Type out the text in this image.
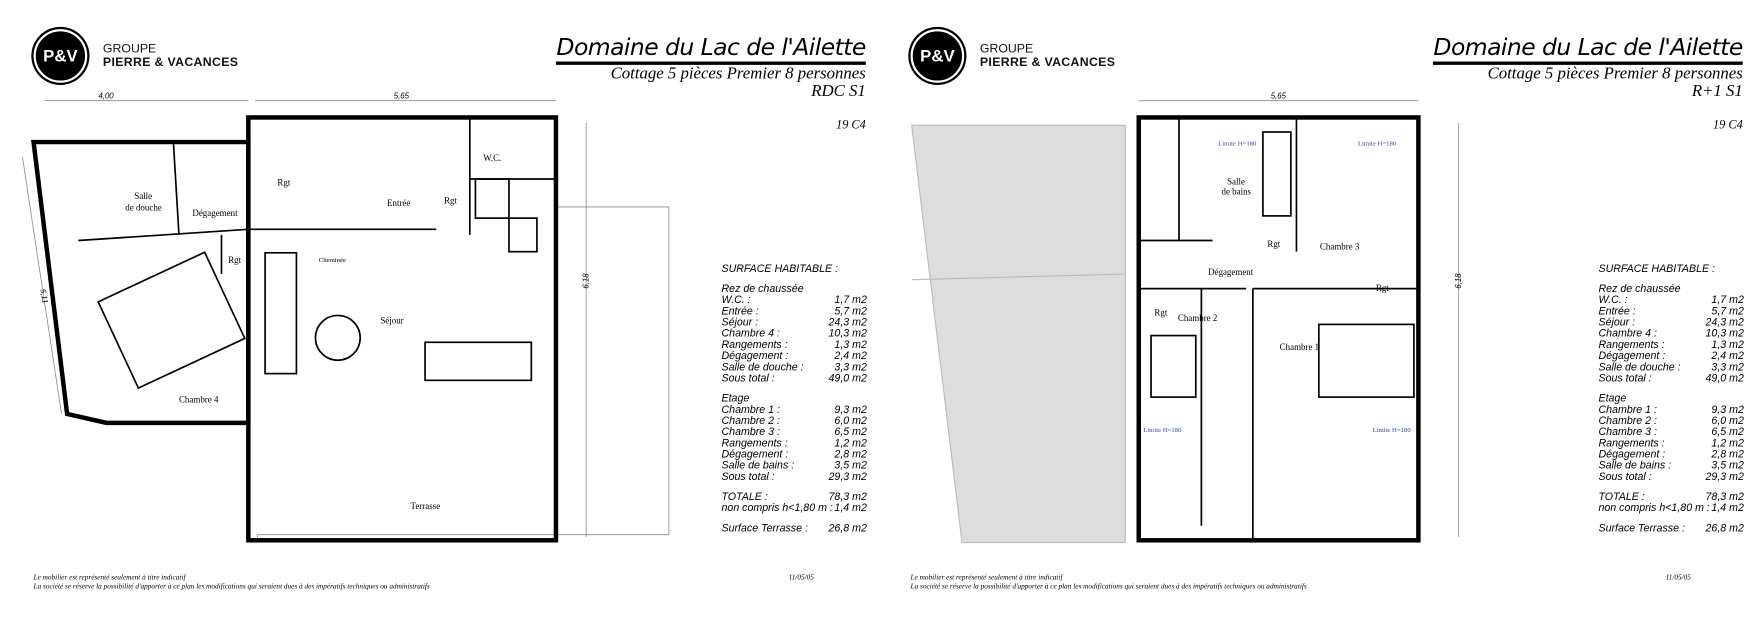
Salle
de douche
Dégagement
Rgt
Chambre 4
Rgt
Entrée	Rgt
W.C.
Cheminée
Séjour
Terrasse
4,00	5,65
6,18
5,11
P&V	GROUPE
PIERRE & VACANCES
Domaine du Lac de l'Ailette
Cottage 5 pièces Premier 8 personnes
RDC S1
19 C4
SURFACE HABITABLE :
Rez de chaussée
W.C. :	1,7 m2
Entrée :	5,7 m2
Séjour :	24,3 m2
Chambre 4 :	10,3 m2
Rangements :	1,3 m2
Dégagement :	2,4 m2
Salle de douche :	3,3 m2
Sous total :	49,0 m2
Etage
Chambre 1 :	9,3 m2
Chambre 2 :	6,0 m2
Chambre 3 :	6,5 m2
Rangements :	1,2 m2
Dégagement :	2,8 m2
Salle de bains :	3,5 m2
Sous total :	29,3 m2
TOTALE :	78,3 m2
non compris h<1,80 m : 1,4 m2
Surface Terrasse : 26,8 m2
Le mobilier est représenté seulement à titre indicatif
La société se réserve la possibilité d'apporter à ce plan les modifications qui seraient dues à des impératifs techniques ou administratifs
11/05/05
Limite H=180	Limite H=180
Limite H=180	Limite H=180
Salle
de bains
Rgt	Chambre 3
Dégagement
Rgt
Rgt
Chambre 2
Chambre 1
5,65
6,18
P&V	GROUPE
PIERRE & VACANCES
Domaine du Lac de l'Ailette
Cottage 5 pièces Premier 8 personnes
R+1 S1
19 C4
SURFACE HABITABLE :
Rez de chaussée
W.C. :	1,7 m2
Entrée :	5,7 m2
Séjour :	24,3 m2
Chambre 4 :	10,3 m2
Rangements :	1,3 m2
Dégagement :	2,4 m2
Salle de douche :	3,3 m2
Sous total :	49,0 m2
Etage
Chambre 1 :	9,3 m2
Chambre 2 :	6,0 m2
Chambre 3 :	6,5 m2
Rangements :	1,2 m2
Dégagement :	2,8 m2
Salle de bains :	3,5 m2
Sous total :	29,3 m2
TOTALE :	78,3 m2
non compris h<1,80 m : 1,4 m2
Surface Terrasse : 26,8 m2
Le mobilier est représenté seulement à titre indicatif
La société se réserve la possibilité d'apporter à ce plan les modifications qui seraient dues à des impératifs techniques ou administratifs
11/05/05
